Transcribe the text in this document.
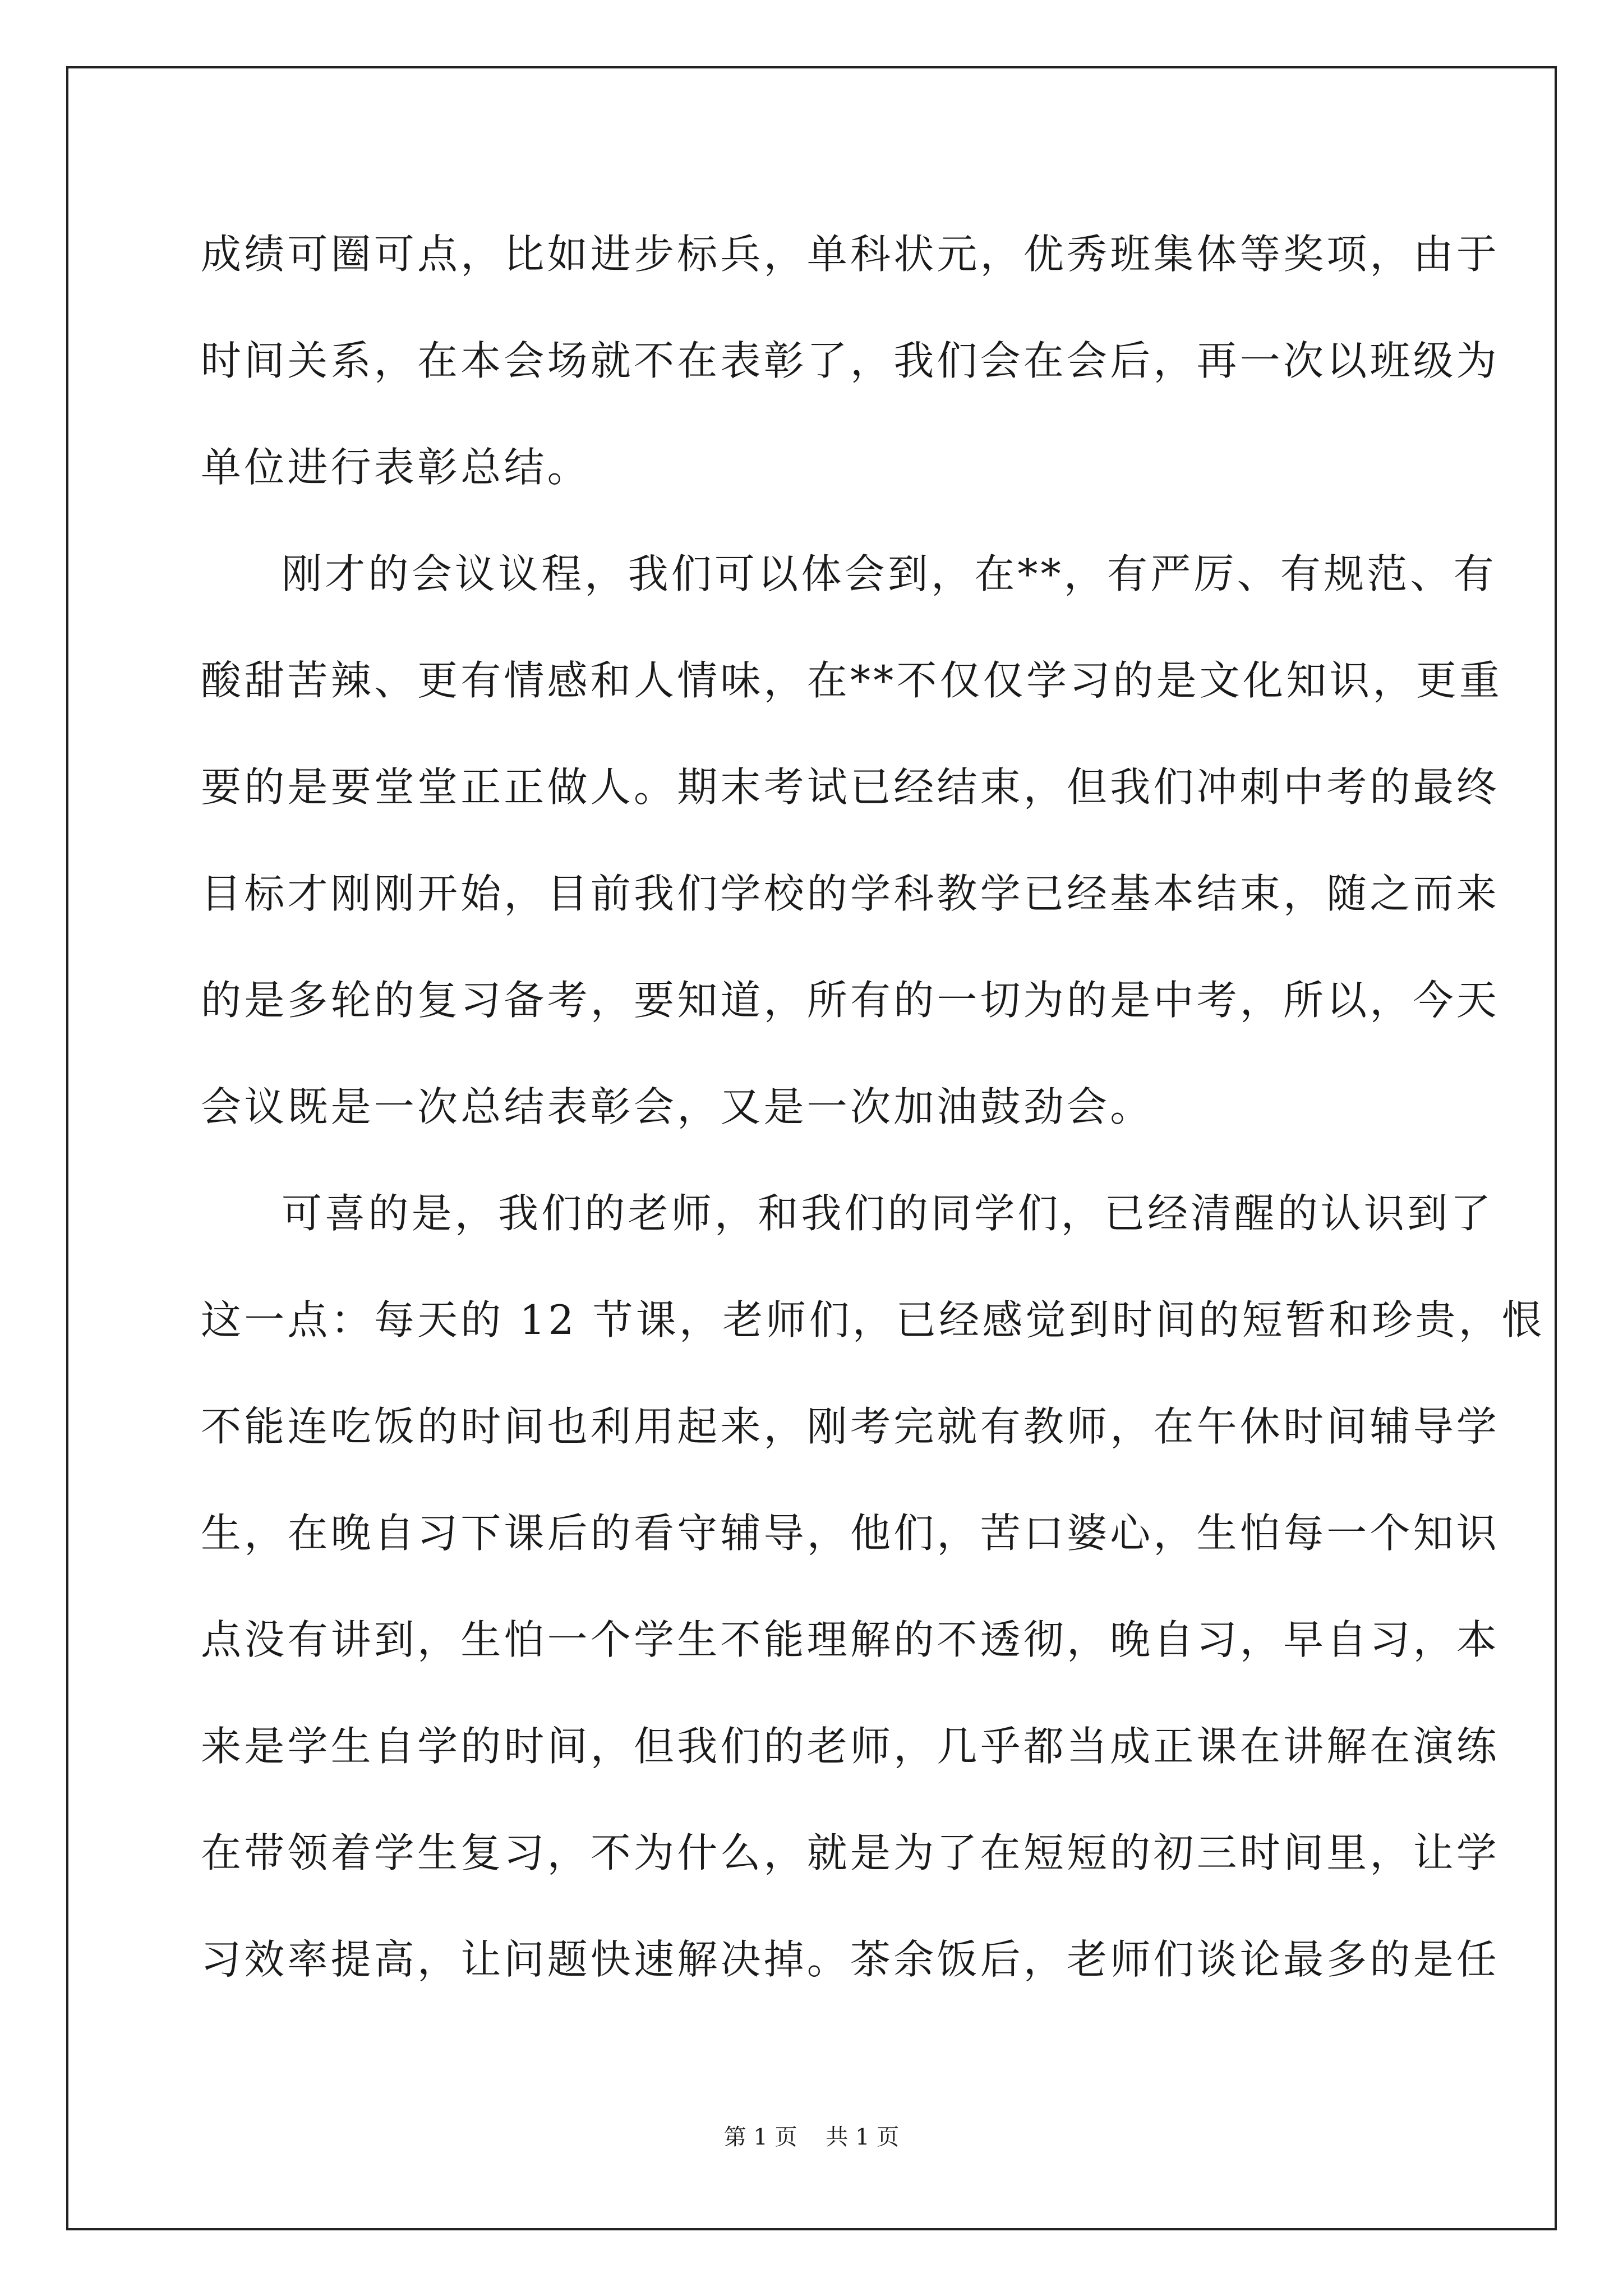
成绩可圈可点，比如进步标兵，单科状元，优秀班集体等奖项，由于
时间关系，在本会场就不在表彰了，我们会在会后，再一次以班级为
单位进行表彰总结。
刚才的会议议程，我们可以体会到，在**，有严厉、有规范、有
酸甜苦辣、更有情感和人情味，在**不仅仅学习的是文化知识，更重
要的是要堂堂正正做人。期末考试已经结束，但我们冲刺中考的最终
目标才刚刚开始，目前我们学校的学科教学已经基本结束，随之而来
的是多轮的复习备考，要知道，所有的一切为的是中考，所以，今天
会议既是一次总结表彰会，又是一次加油鼓劲会。
可喜的是，我们的老师，和我们的同学们，已经清醒的认识到了
这一点：每天的 12 节课，老师们，已经感觉到时间的短暂和珍贵，恨
不能连吃饭的时间也利用起来，刚考完就有教师，在午休时间辅导学
生，在晚自习下课后的看守辅导，他们，苦口婆心，生怕每一个知识
点没有讲到，生怕一个学生不能理解的不透彻，晚自习，早自习，本
来是学生自学的时间，但我们的老师，几乎都当成正课在讲解在演练
在带领着学生复习，不为什么，就是为了在短短的初三时间里，让学
习效率提高，让问题快速解决掉。茶余饭后，老师们谈论最多的是任
第 1 页    共 1 页
